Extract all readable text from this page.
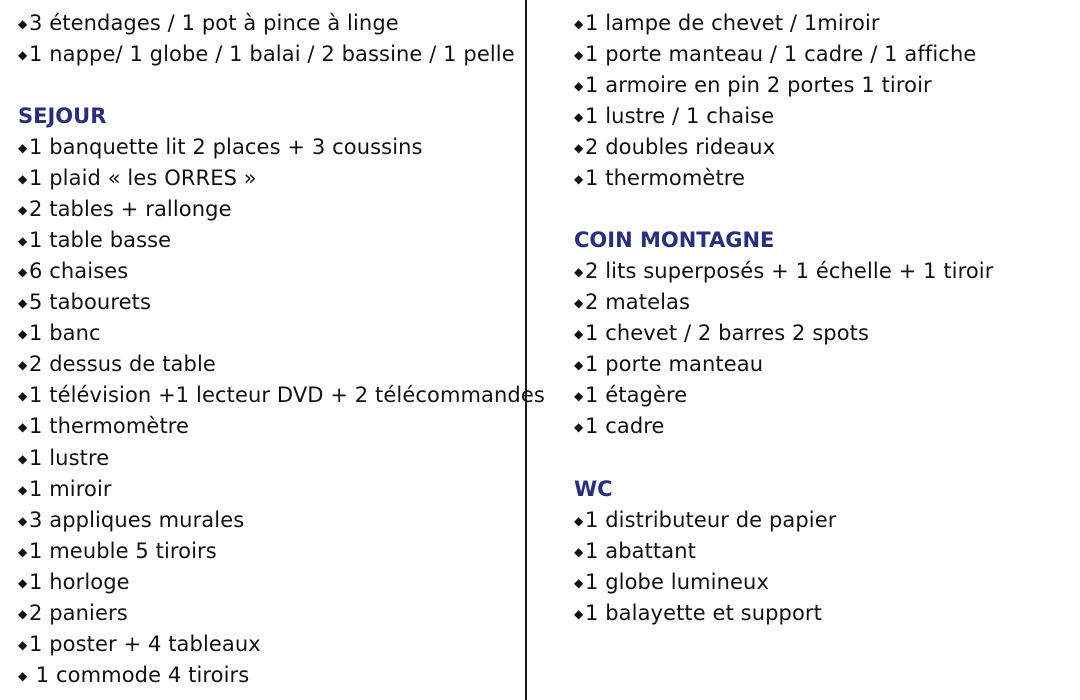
◆3 étendages / 1 pot à pince à linge
◆1 nappe/ 1 globe / 1 balai / 2 bassine / 1 pelle
SEJOUR
◆1 banquette lit 2 places + 3 coussins
◆1 plaid « les ORRES »
◆2 tables + rallonge
◆1 table basse
◆6 chaises
◆5 tabourets
◆1 banc
◆2 dessus de table
◆1 télévision +1 lecteur DVD + 2 télécommandes
◆1 thermomètre
◆1 lustre
◆1 miroir
◆3 appliques murales
◆1 meuble 5 tiroirs
◆1 horloge
◆2 paniers
◆1 poster + 4 tableaux
◆ 1 commode 4 tiroirs
◆1 lampe de chevet / 1miroir
◆1 porte manteau / 1 cadre / 1 affiche
◆1 armoire en pin 2 portes 1 tiroir
◆1 lustre / 1 chaise
◆2 doubles rideaux
◆1 thermomètre
COIN MONTAGNE
◆2 lits superposés + 1 échelle + 1 tiroir
◆2 matelas
◆1 chevet / 2 barres 2 spots
◆1 porte manteau
◆1 étagère
◆1 cadre
WC
◆1 distributeur de papier
◆1 abattant
◆1 globe lumineux
◆1 balayette et support
